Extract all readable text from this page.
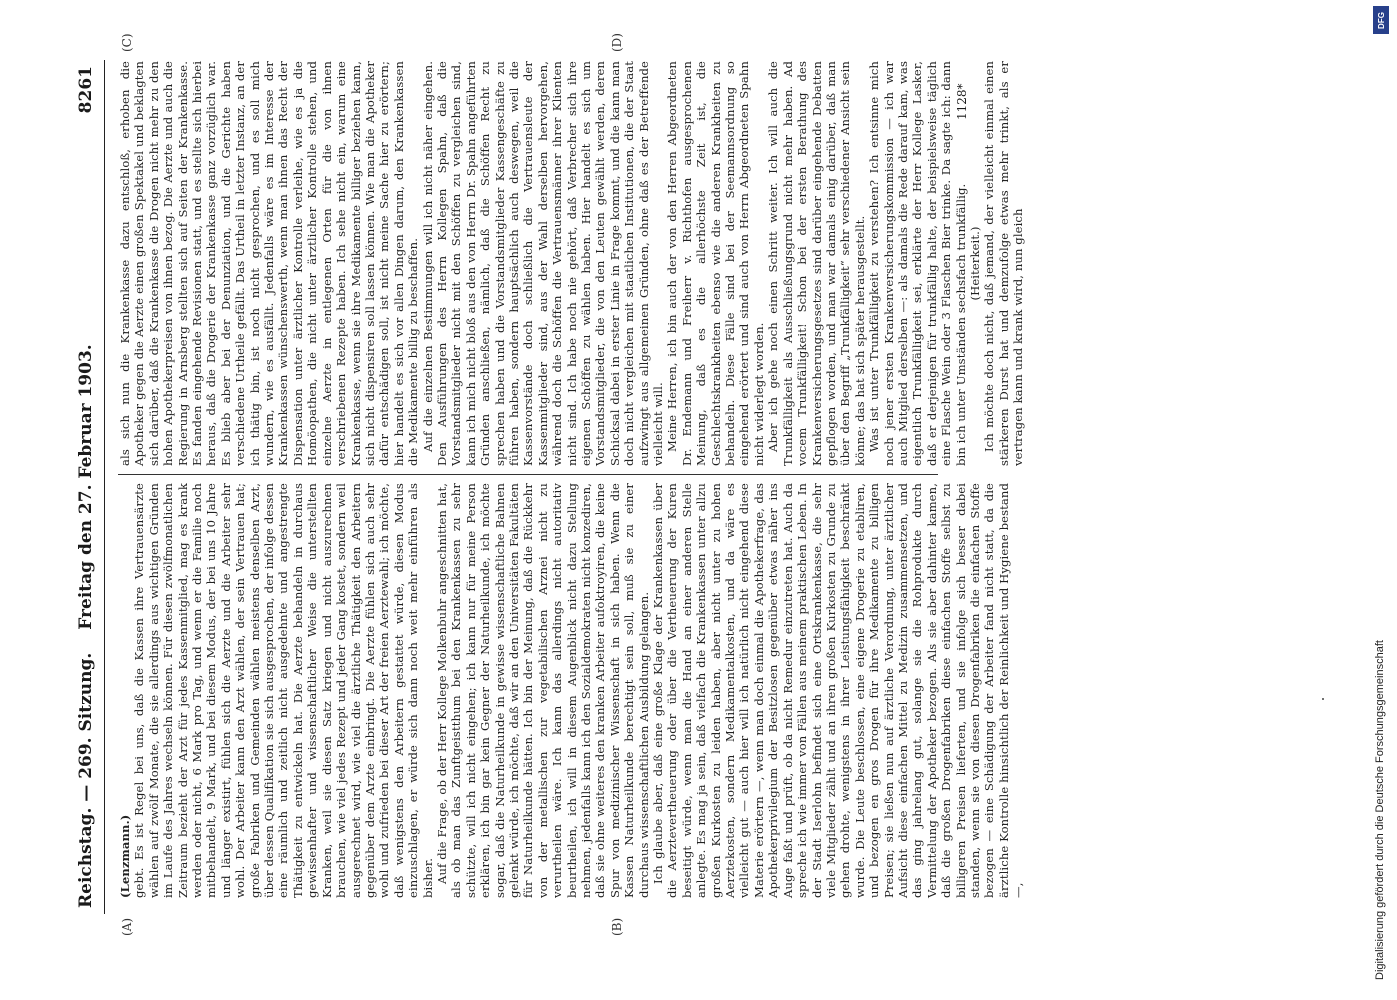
Reichstag. — 269. Sitzung.
Freitag den 27. Februar 1903.
8261
(A)	(B)
(C)	(D)

(Lenzmann.) gebt. Es ist Regel bei uns, daß die Kassen ihre Vertrauensärzte wählen auf zwölf Monate, die sie allerdings aus wichtigen Gründen im Laufe des Jahres wechseln können. Für diesen zwölfmonatlichen Zeitraum bezieht der Arzt für jedes Kassenmitglied, mag es krank werden oder nicht, 6 Mark pro Tag, und wenn er die Familie noch mitbehandelt, 9 Mark, und bei diesem Modus, der bei uns 10 Jahre und länger existirt, fühlen sich die Aerzte und die Arbeiter sehr wohl. Der Arbeiter kann den Arzt wählen, der sein Vertrauen hat; große Fabriken und Gemeinden wählen meistens denselben Arzt, über dessen Qualifikation sie sich ausgesprochen, der infolge dessen eine räumlich und zeitlich nicht ausgedehnte und angestrengte Thätigkeit zu entwickeln hat. Die Aerzte behandeln in durchaus gewissenhafter und wissenschaftlicher Weise die unterstellten Kranken, weil sie diesen Satz kriegen und nicht auszurechnen brauchen, wie viel jedes Rezept und jeder Gang kostet, sondern weil ausgerechnet wird, wie viel die ärztliche Thätigkeit den Arbeitern gegenüber dem Arzte einbringt. Die Aerzte fühlen sich auch sehr wohl und zufrieden bei dieser Art der freien Aerztewahl; ich möchte, daß wenigstens den Arbeitern gestattet würde, diesen Modus einzuschlagen, er würde sich dann noch weit mehr einführen als bisher. Auf die Frage, ob der Herr Kollege Molkenbuhr angeschnitten hat, als ob man das Zunftgeistthum bei den Krankenkassen zu sehr schützte, will ich nicht eingehen; ich kann nur für meine Person erklären, ich bin gar kein Gegner der Naturheilkunde, ich möchte sogar, daß die Naturheilkunde in gewisse wissenschaftliche Bahnen gelenkt würde, ich möchte, daß wir an den Universitäten Fakultäten für Naturheilkunde hätten. Ich bin der Meinung, daß die Rückkehr von der metallischen zur vegetabilischen Arznei nicht zu verurtheilen wäre. Ich kann das allerdings nicht autoritativ beurtheilen, ich will in diesem Augenblick nicht dazu Stellung nehmen, jedenfalls kann ich den Sozialdemokraten nicht konzediren, daß sie ohne weiteres den kranken Arbeiter aufoktroyiren, die keine Spur von medizinischer Wissenschaft in sich haben. Wenn die Kassen Naturheilkunde berechtigt sein soll, muß sie zu einer durchaus wissenschaftlichen Ausbildung gelangen. Ich glaube aber, daß eine große Klage der Krankenkassen über die Aerztevertheuerung oder über die Vertheuerung der Kuren beseitigt würde, wenn man die Hand an einer anderen Stelle anlegte. Es mag ja sein, daß vielfach die Krankenkassen unter allzu großen Kurkosten zu leiden haben, aber nicht unter zu hohen Aerztekosten, sondern Medikamentalkosten, und da wäre es vielleicht gut — auch hier will ich natürlich nicht eingehend diese Materie erörtern —, wenn man doch einmal die Apothekerfrage, das Apothekerprivilegium der Besitzlosen gegenüber etwas näher ins Auge faßt und prüft, ob da nicht Remedur einzutreten hat. Auch da spreche ich wie immer von Fällen aus meinem praktischen Leben. In der Stadt Iserlohn befindet sich eine Ortskrankenkasse, die sehr viele Mitglieder zählt und an ihren großen Kurkosten zu Grunde zu gehen drohte, wenigstens in ihrer Leistungsfähigkeit beschränkt wurde. Die Leute beschlossen, eine eigene Drogerie zu etabliren, und bezogen en gros Drogen für ihre Medikamente zu billigen Preisen; sie ließen nun auf ärztliche Verordnung, unter ärztlicher Aufsicht diese einfachen Mittel zu Medizin zusammensetzen, und das ging jahrelang gut, solange sie die Rohprodukte durch Vermittelung der Apotheker bezogen. Als sie aber dahinter kamen, daß die großen Drogenfabriken diese einfachen Stoffe selbst zu billigeren Preisen lieferten, und sie infolge sich besser dabei standen, wenn sie von diesen Drogenfabriken die einfachen Stoffe bezogen — eine Schädigung der Arbeiter fand nicht statt, da die ärztliche Kontrolle hinsichtlich der Reinlichkeit und Hygiene bestand —,

als sich nun die Krankenkasse dazu entschloß, erhoben die Apotheker gegen die Aerzte einen großen Spektakel und beklagten sich darüber, daß die Krankenkasse die Drogen nicht mehr zu den hohen Apothekerpreisen von ihnen bezog. Die Aerzte und auch die Regierung in Arnsberg stellten sich auf Seiten der Krankenkasse. Es fanden eingehende Revisionen statt, und es stellte sich hierbei heraus, daß die Drogerie der Krankenkasse ganz vorzüglich war. Es blieb aber bei der Denunziation, und die Gerichte haben verschiedene Urtheile gefällt. Das Urtheil in letzter Instanz, an der ich thätig bin, ist noch nicht gesprochen, und es soll mich wundern, wie es ausfällt. Jedenfalls wäre es im Interesse der Krankenkassen wünschenswerth, wenn man ihnen das Recht der Dispensation unter ärztlicher Kontrolle verleihe, wie es ja die Homöopathen, die nicht unter ärztlicher Kontrolle stehen, und einzelne Aerzte in entlegenen Orten für die von ihnen verschriebenen Rezepte haben. Ich sehe nicht ein, warum eine Krankenkasse, wenn sie ihre Medikamente billiger beziehen kann, sich nicht dispensiren soll lassen können. Wie man die Apotheker dafür entschädigen soll, ist nicht meine Sache hier zu erörtern; hier handelt es sich vor allen Dingen darum, den Krankenkassen die Medikamente billig zu beschaffen. Auf die einzelnen Bestimmungen will ich nicht näher eingehen. Den Ausführungen des Herrn Kollegen Spahn, daß die Vorstandsmitglieder nicht mit den Schöffen zu vergleichen sind, kann ich mich nicht bloß aus den von Herrn Dr. Spahn angeführten Gründen anschließen, nämlich, daß die Schöffen Recht zu sprechen haben und die Vorstandsmitglieder Kassengeschäfte zu führen haben, sondern hauptsächlich auch deswegen, weil die Kassenvorstände doch schließlich die Vertrauensleute der Kassenmitglieder sind, aus der Wahl derselben hervorgehen, während doch die Schöffen die Vertrauensmänner ihrer Klienten nicht sind. Ich habe noch nie gehört, daß Verbrecher sich ihre eigenen Schöffen zu wählen haben. Hier handelt es sich um Vorstandsmitglieder, die von den Leuten gewählt werden, deren Schicksal dabei in erster Linie in Frage kommt, und die kann man doch nicht vergleichen mit staatlichen Institutionen, die der Staat aufzwingt aus allgemeinen Gründen, ohne daß es der Betreffende vielleicht will. Meine Herren, ich bin auch der von den Herren Abgeordneten Dr. Endemann und Freiherr v. Richthofen ausgesprochenen Meinung, daß es die allerhöchste Zeit ist, die Geschlechtskrankheiten ebenso wie die anderen Krankheiten zu behandeln. Diese Fälle sind bei der Seemannsordnung so eingehend erörtert und sind auch von Herrn Abgeordneten Spahn nicht widerlegt worden. Aber ich gehe noch einen Schritt weiter. Ich will auch die Trunkfälligkeit als Ausschließungsgrund nicht mehr haben. Ad vocem Trunkfälligkeit! Schon bei der ersten Berathung des Krankenversicherungsgesetzes sind darüber eingehende Debatten gepflogen worden, und man war damals einig darüber, daß man über den Begriff „Trunkfälligkeit“ sehr verschiedener Ansicht sein könne; das hat sich später herausgestellt. Was ist unter Trunkfälligkeit zu verstehen? Ich entsinne mich noch jener ersten Krankenversicherungskommission — ich war auch Mitglied derselben —: als damals die Rede darauf kam, was eigentlich Trunkfälligkeit sei, erklärte der Herr Kollege Lasker, daß er derjenigen für trunkfällig halte, der beispielsweise täglich eine Flasche Wein oder 3 Flaschen Bier trinke. Da sagte ich: dann bin ich unter Umständen sechsfach trunkfällig. (Heiterkeit.) Ich möchte doch nicht, daß jemand, der vielleicht einmal einen stärkeren Durst hat und demzufolge etwas mehr trinkt, als er vertragen kann und krank wird, nun gleich

1128*
DFG
Digitalisierung gefördert durch die Deutsche Forschungsgemeinschaft
